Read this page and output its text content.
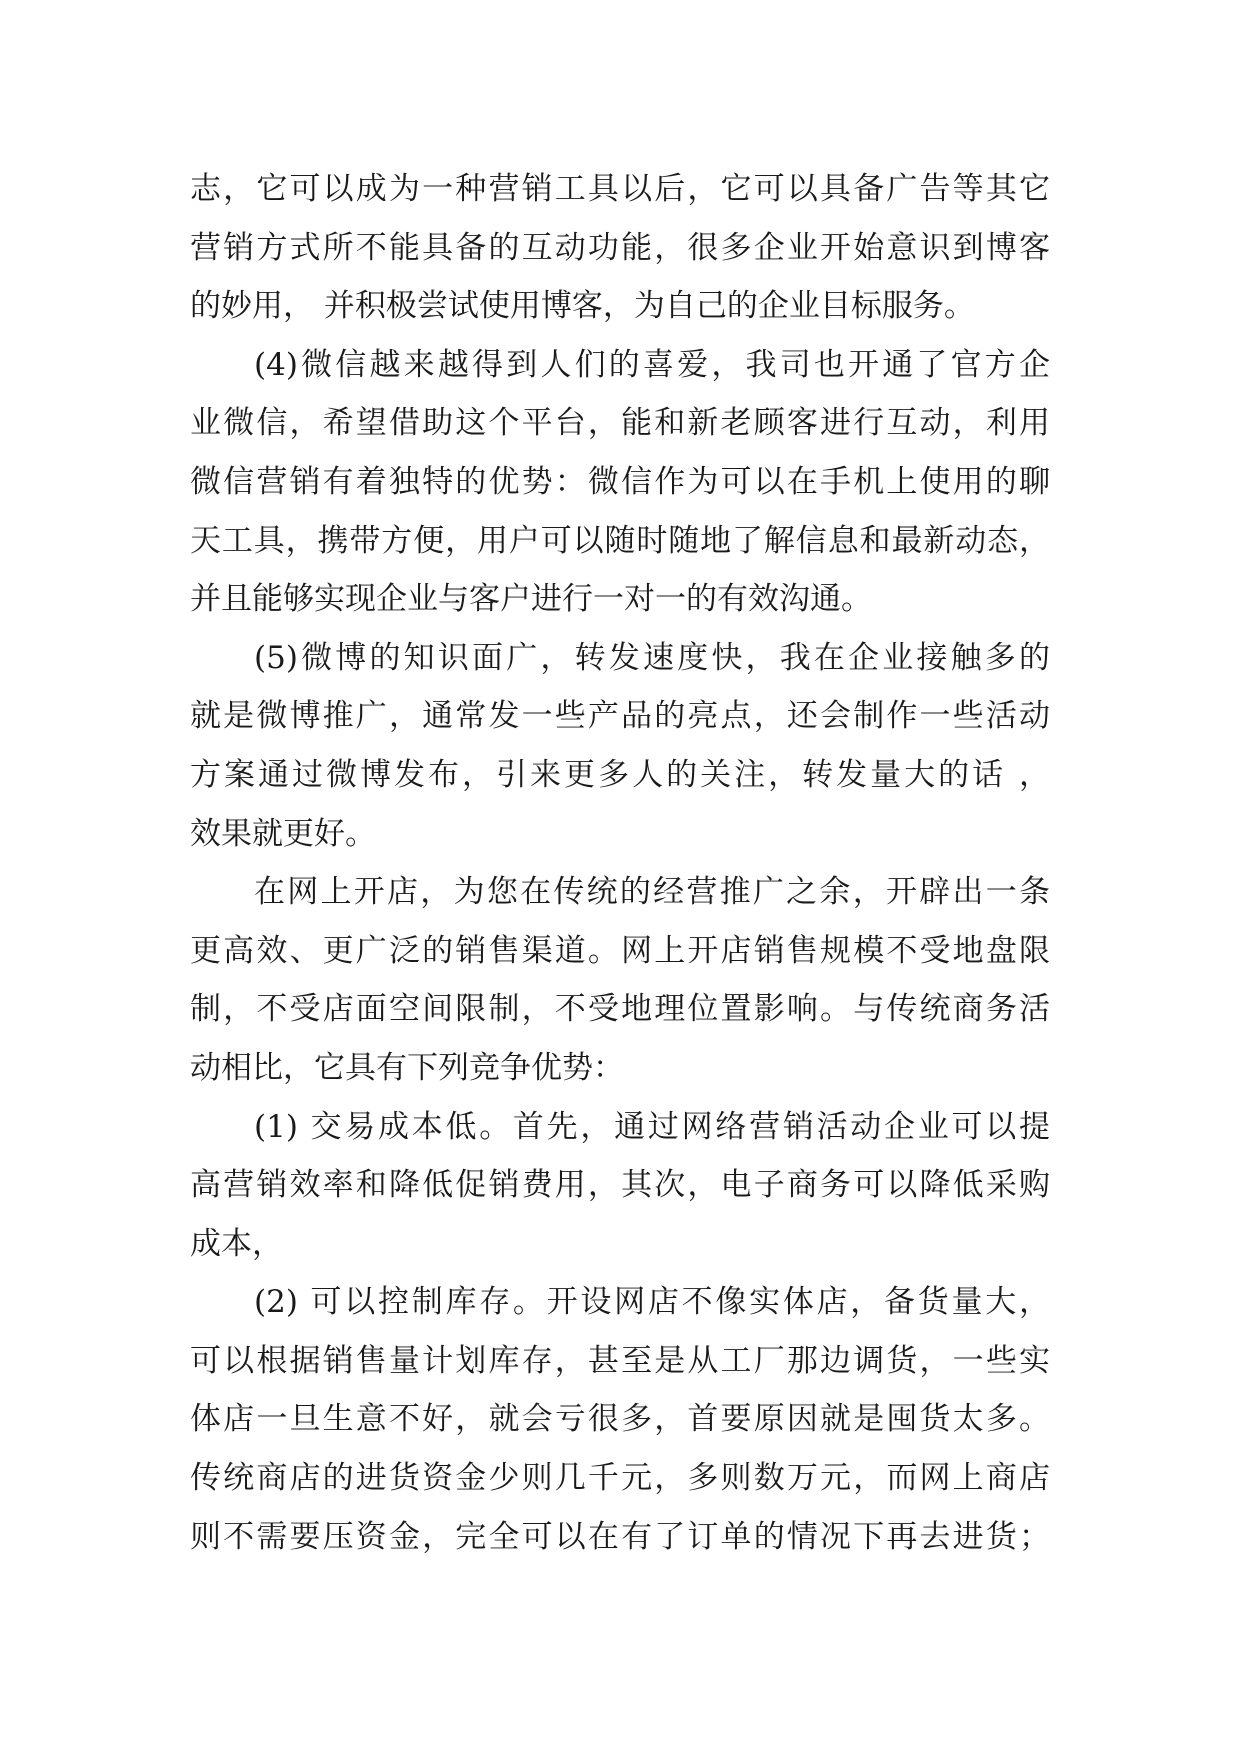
志，它可以成为一种营销工具以后，它可以具备广告等其它
营销方式所不能具备的互动功能，很多企业开始意识到博客
的妙用， 并积极尝试使用博客，为自己的企业目标服务。
(4)微信越来越得到人们的喜爱，我司也开通了官方企
业微信，希望借助这个平台，能和新老顾客进行互动，利用
微信营销有着独特的优势：微信作为可以在手机上使用的聊
天工具，携带方便，用户可以随时随地了解信息和最新动态，
并且能够实现企业与客户进行一对一的有效沟通。
(5)微博的知识面广，转发速度快，我在企业接触多的
就是微博推广，通常发一些产品的亮点，还会制作一些活动
方案通过微博发布，引来更多人的关注，转发量大的话 ，
效果就更好。
在网上开店，为您在传统的经营推广之余，开辟出一条
更高效、更广泛的销售渠道。网上开店销售规模不受地盘限
制，不受店面空间限制，不受地理位置影响。与传统商务活
动相比，它具有下列竞争优势：
(1) 交易成本低。首先，通过网络营销活动企业可以提
高营销效率和降低促销费用，其次，电子商务可以降低采购
成本，
(2) 可以控制库存。开设网店不像实体店，备货量大，
可以根据销售量计划库存，甚至是从工厂那边调货，一些实
体店一旦生意不好，就会亏很多，首要原因就是囤货太多。
传统商店的进货资金少则几千元，多则数万元，而网上商店
则不需要压资金，完全可以在有了订单的情况下再去进货；
